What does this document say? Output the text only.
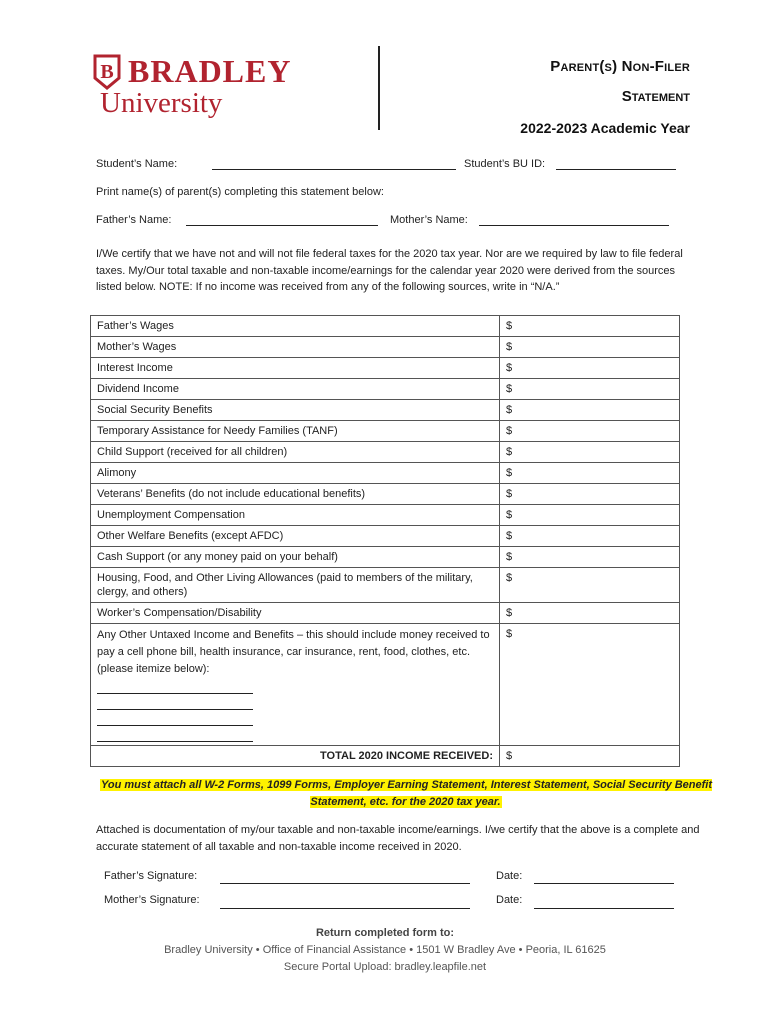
B BRADLEY
University
Parent(s) Non-Filer
Statement
2022-2023 Academic Year
Student’s Name:	Student’s BU ID:
Print name(s) of parent(s) completing this statement below:
Father’s Name:	Mother’s Name:
I/We certify that we have not and will not file federal taxes for the 2020 tax year. Nor are we required by law to file federal taxes. My/Our total taxable and non-taxable income/earnings for the calendar year 2020 were derived from the sources listed below. NOTE: If no income was received from any of the following sources, write in “N/A.”
Father’s Wages	$
Mother’s Wages	$
Interest Income	$
Dividend Income	$
Social Security Benefits	$
Temporary Assistance for Needy Families (TANF)	$
Child Support (received for all children)	$
Alimony	$
Veterans’ Benefits (do not include educational benefits)	$
Unemployment Compensation	$
Other Welfare Benefits (except AFDC)	$
Cash Support (or any money paid on your behalf)	$
Housing, Food, and Other Living Allowances (paid to members of the military, clergy, and others)	$
Worker’s Compensation/Disability	$

Any Other Untaxed Income and Benefits – this should include money received to pay a cell phone bill, health insurance, car insurance, rent, food, clothes, etc. (please itemize below):	$
TOTAL 2020 INCOME RECEIVED:	$
You must attach all W-2 Forms, 1099 Forms, Employer Earning Statement, Interest Statement, Social Security Benefit Statement, etc. for the 2020 tax year.
Attached is documentation of my/our taxable and non-taxable income/earnings. I/we certify that the above is a complete and accurate statement of all taxable and non-taxable income received in 2020.
Father’s Signature:	Date:
Mother’s Signature:	Date:
Return completed form to:
Bradley University • Office of Financial Assistance • 1501 W Bradley Ave • Peoria, IL 61625
Secure Portal Upload: bradley.leapfile.net
